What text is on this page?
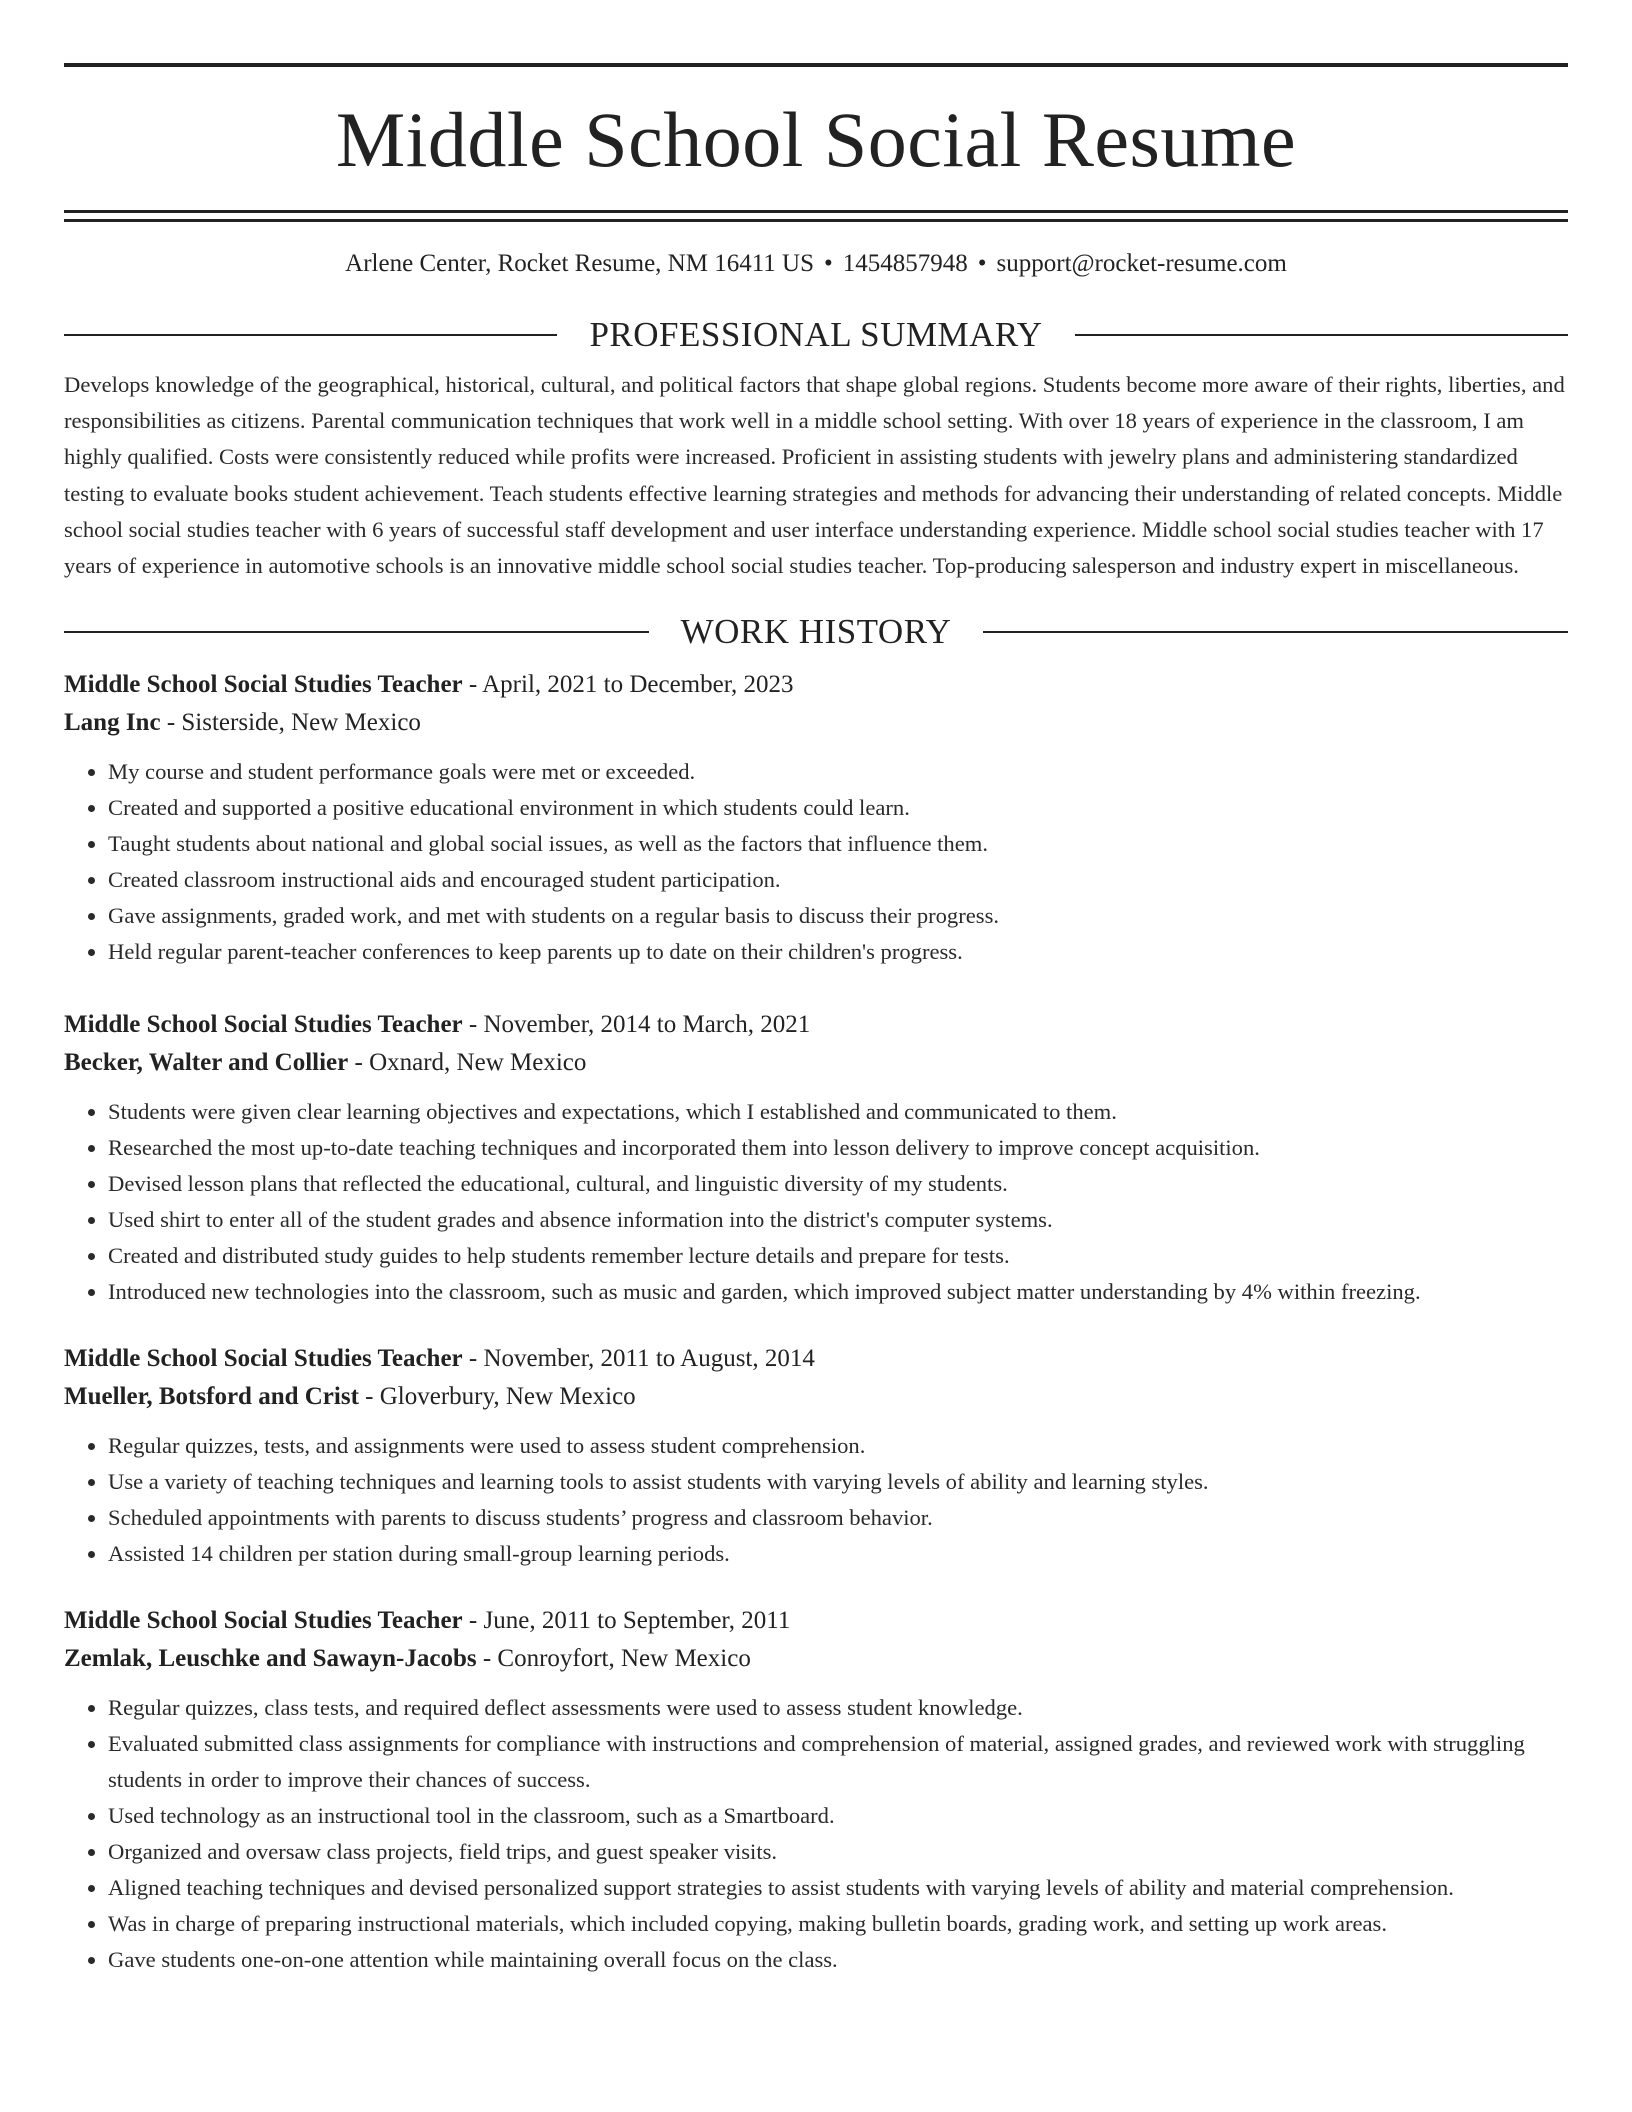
Middle School Social Resume
Arlene Center, Rocket Resume, NM 16411 US • 1454857948 • support@rocket-resume.com
PROFESSIONAL SUMMARY
Develops knowledge of the geographical, historical, cultural, and political factors that shape global regions. Students become more aware of their rights, liberties, and responsibilities as citizens. Parental communication techniques that work well in a middle school setting. With over 18 years of experience in the classroom, I am highly qualified. Costs were consistently reduced while profits were increased. Proficient in assisting students with jewelry plans and administering standardized testing to evaluate books student achievement. Teach students effective learning strategies and methods for advancing their understanding of related concepts. Middle school social studies teacher with 6 years of successful staff development and user interface understanding experience. Middle school social studies teacher with 17 years of experience in automotive schools is an innovative middle school social studies teacher. Top-producing salesperson and industry expert in miscellaneous.
WORK HISTORY
Middle School Social Studies Teacher - April, 2021 to December, 2023
Lang Inc - Sisterside, New Mexico
• My course and student performance goals were met or exceeded.
• Created and supported a positive educational environment in which students could learn.
• Taught students about national and global social issues, as well as the factors that influence them.
• Created classroom instructional aids and encouraged student participation.
• Gave assignments, graded work, and met with students on a regular basis to discuss their progress.
• Held regular parent-teacher conferences to keep parents up to date on their children's progress.
Middle School Social Studies Teacher - November, 2014 to March, 2021
Becker, Walter and Collier - Oxnard, New Mexico
• Students were given clear learning objectives and expectations, which I established and communicated to them.
• Researched the most up-to-date teaching techniques and incorporated them into lesson delivery to improve concept acquisition.
• Devised lesson plans that reflected the educational, cultural, and linguistic diversity of my students.
• Used shirt to enter all of the student grades and absence information into the district's computer systems.
• Created and distributed study guides to help students remember lecture details and prepare for tests.
• Introduced new technologies into the classroom, such as music and garden, which improved subject matter understanding by 4% within freezing.
Middle School Social Studies Teacher - November, 2011 to August, 2014
Mueller, Botsford and Crist - Gloverbury, New Mexico
• Regular quizzes, tests, and assignments were used to assess student comprehension.
• Use a variety of teaching techniques and learning tools to assist students with varying levels of ability and learning styles.
• Scheduled appointments with parents to discuss students’ progress and classroom behavior.
• Assisted 14 children per station during small-group learning periods.
Middle School Social Studies Teacher - June, 2011 to September, 2011
Zemlak, Leuschke and Sawayn-Jacobs - Conroyfort, New Mexico
• Regular quizzes, class tests, and required deflect assessments were used to assess student knowledge.
• Evaluated submitted class assignments for compliance with instructions and comprehension of material, assigned grades, and reviewed work with struggling students in order to improve their chances of success.
• Used technology as an instructional tool in the classroom, such as a Smartboard.
• Organized and oversaw class projects, field trips, and guest speaker visits.
• Aligned teaching techniques and devised personalized support strategies to assist students with varying levels of ability and material comprehension.
• Was in charge of preparing instructional materials, which included copying, making bulletin boards, grading work, and setting up work areas.
• Gave students one-on-one attention while maintaining overall focus on the class.
